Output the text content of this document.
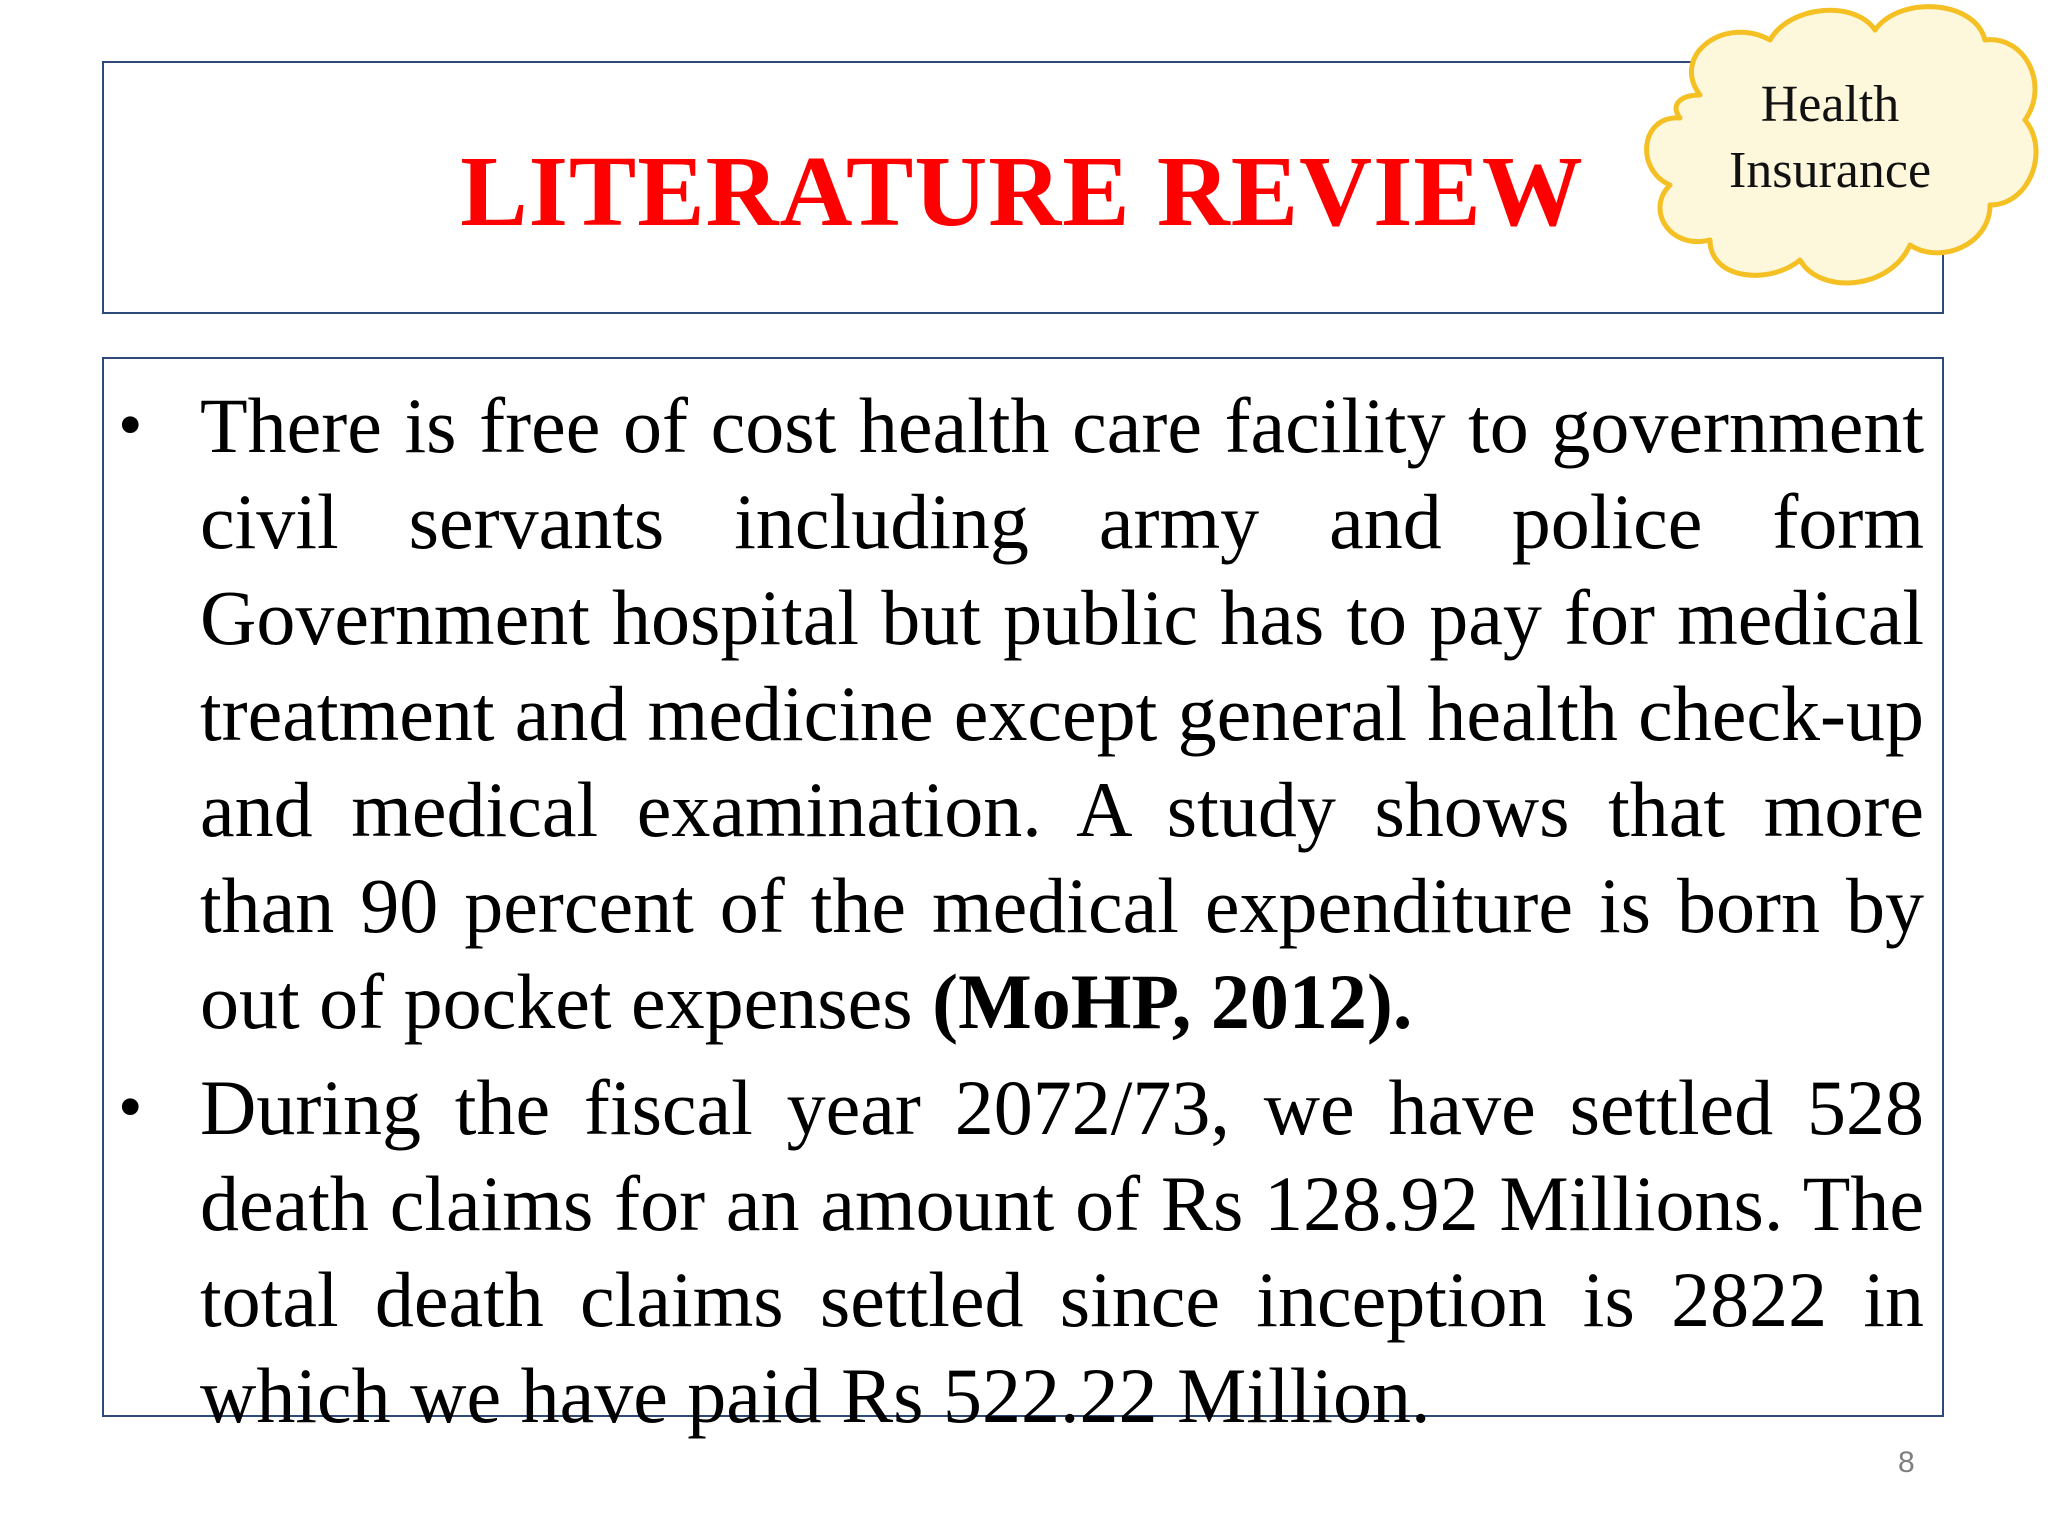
LITERATURE REVIEW
Health
Insurance
• There is free of cost health care facility to government civil servants including army and police form Government hospital but public has to pay for medical treatment and medicine except general health check-up and medical examination. A study shows that more than 90 percent of the medical expenditure is born by out of pocket expenses (MoHP, 2012).
• During the fiscal year 2072/73, we have settled 528 death claims for an amount of Rs 128.92 Millions. The total death claims settled since inception is 2822 in which we have paid Rs 522.22 Million.
8
